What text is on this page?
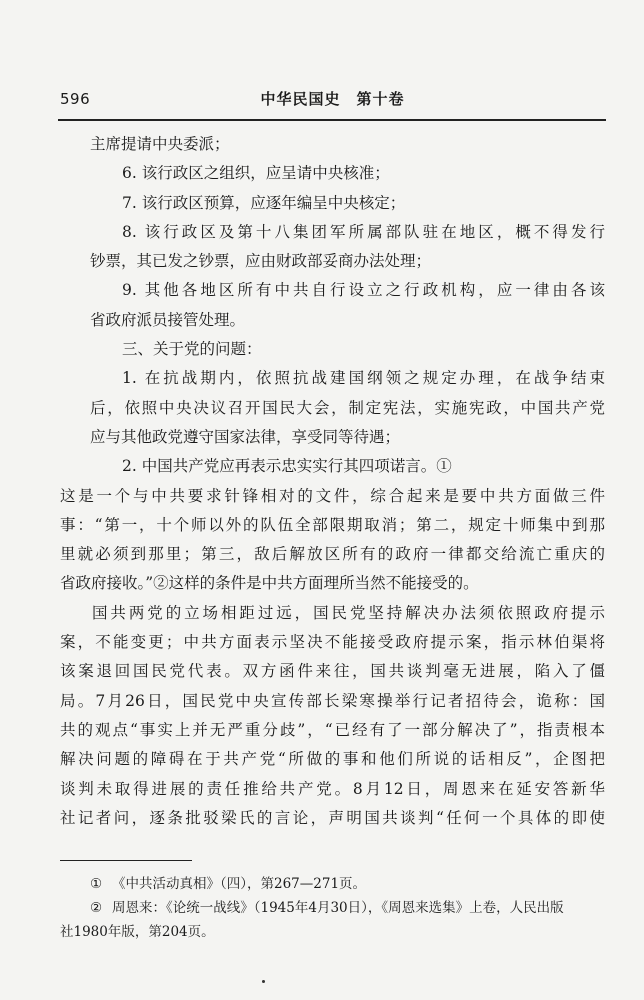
596	中华民国史　第十卷
主席提请中央委派；
6. 该行政区之组织，应呈请中央核准；
7. 该行政区预算，应逐年编呈中央核定；
8. 该行政区及第十八集团军所属部队驻在地区，概不得发行
钞票，其已发之钞票，应由财政部妥商办法处理；
9. 其他各地区所有中共自行设立之行政机构，应一律由各该
省政府派员接管处理。
三、关于党的问题：
1. 在抗战期内，依照抗战建国纲领之规定办理，在战争结束
后，依照中央决议召开国民大会，制定宪法，实施宪政，中国共产党
应与其他政党遵守国家法律，享受同等待遇；
2. 中国共产党应再表示忠实实行其四项诺言。①
这是一个与中共要求针锋相对的文件，综合起来是要中共方面做三件
事：“第一，十个师以外的队伍全部限期取消；第二，规定十师集中到那
里就必须到那里；第三，敌后解放区所有的政府一律都交给流亡重庆的
省政府接收。”②这样的条件是中共方面理所当然不能接受的。
国共两党的立场相距过远，国民党坚持解决办法须依照政府提示
案，不能变更；中共方面表示坚决不能接受政府提示案，指示林伯渠将
该案退回国民党代表。双方函件来往，国共谈判毫无进展，陷入了僵
局。7月26日，国民党中央宣传部长梁寒操举行记者招待会，诡称：国
共的观点“事实上并无严重分歧”，“已经有了一部分解决了”，指责根本
解决问题的障碍在于共产党“所做的事和他们所说的话相反”，企图把
谈判未取得进展的责任推给共产党。8月12日，周恩来在延安答新华
社记者问，逐条批驳梁氏的言论，声明国共谈判“任何一个具体的即使
① 《中共活动真相》（四），第267—271页。
② 周恩来：《论统一战线》（1945年4月30日），《周恩来选集》上卷，人民出版
社1980年版，第204页。
